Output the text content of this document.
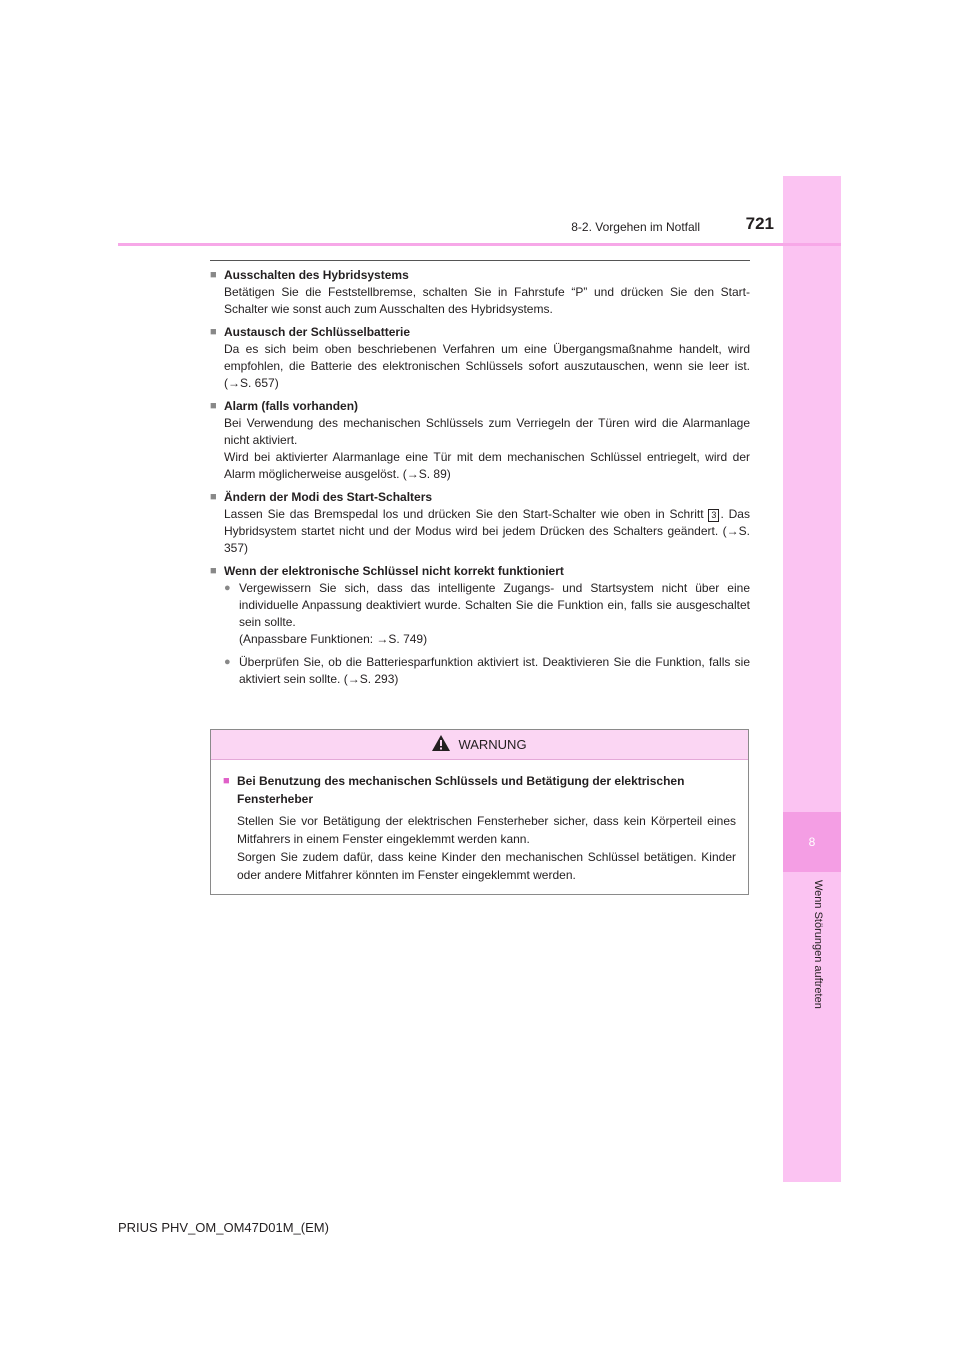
8
Wenn Störungen auftreten
8-2. Vorgehen im Notfall	721
■ Ausschalten des Hybridsystems
Betätigen Sie die Feststellbremse, schalten Sie in Fahrstufe “P” und drücken Sie den Start-Schalter wie sonst auch zum Ausschalten des Hybridsystems.
■ Austausch der Schlüsselbatterie
Da es sich beim oben beschriebenen Verfahren um eine Übergangsmaßnahme handelt, wird empfohlen, die Batterie des elektronischen Schlüssels sofort auszutauschen, wenn sie leer ist. (→S. 657)
■ Alarm (falls vorhanden)
Bei Verwendung des mechanischen Schlüssels zum Verriegeln der Türen wird die Alarmanlage nicht aktiviert.
Wird bei aktivierter Alarmanlage eine Tür mit dem mechanischen Schlüssel entriegelt, wird der Alarm möglicherweise ausgelöst. (→S. 89)
■ Ändern der Modi des Start-Schalters
Lassen Sie das Bremspedal los und drücken Sie den Start-Schalter wie oben in Schritt 3 . Das Hybridsystem startet nicht und der Modus wird bei jedem Drücken des Schalters geändert. (→S. 357)
■ Wenn der elektronische Schlüssel nicht korrekt funktioniert
● Vergewissern Sie sich, dass das intelligente Zugangs- und Startsystem nicht über eine individuelle Anpassung deaktiviert wurde. Schalten Sie die Funktion ein, falls sie ausgeschaltet sein sollte.
(Anpassbare Funktionen: →S. 749)
● Überprüfen Sie, ob die Batteriesparfunktion aktiviert ist. Deaktivieren Sie die Funktion, falls sie aktiviert sein sollte. (→S. 293)
WARNUNG
■ Bei Benutzung des mechanischen Schlüssels und Betätigung der elektrischen Fensterheber
Stellen Sie vor Betätigung der elektrischen Fensterheber sicher, dass kein Körperteil eines Mitfahrers in einem Fenster eingeklemmt werden kann.
Sorgen Sie zudem dafür, dass keine Kinder den mechanischen Schlüssel betätigen. Kinder oder andere Mitfahrer könnten im Fenster eingeklemmt werden.
PRIUS PHV_OM_OM47D01M_(EM)
